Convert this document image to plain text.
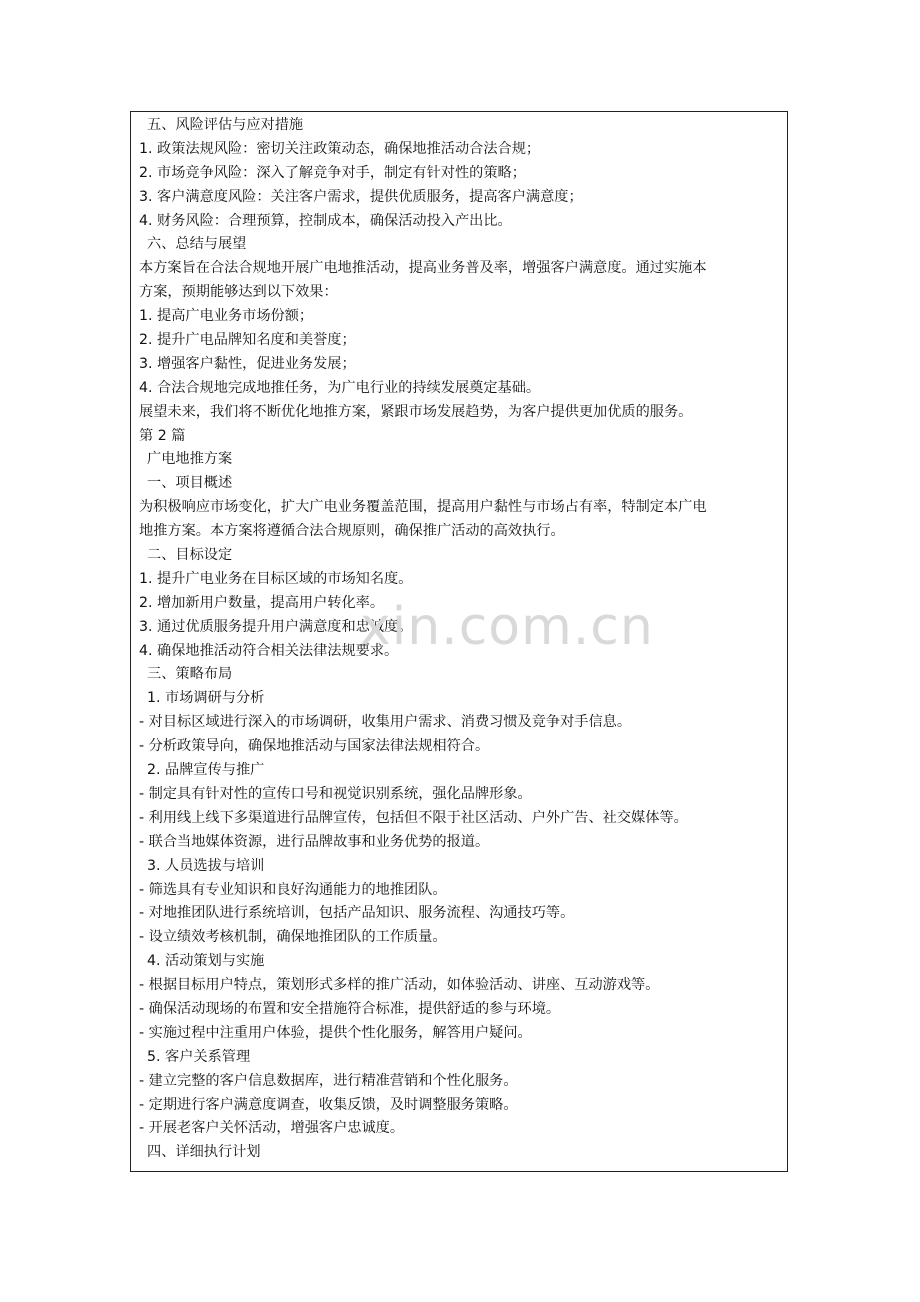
五、风险评估与应对措施
1. 政策法规风险：密切关注政策动态，确保地推活动合法合规；
2. 市场竞争风险：深入了解竞争对手，制定有针对性的策略；
3. 客户满意度风险：关注客户需求，提供优质服务，提高客户满意度；
4. 财务风险：合理预算，控制成本，确保活动投入产出比。
六、总结与展望
本方案旨在合法合规地开展广电地推活动，提高业务普及率，增强客户满意度。通过实施本
方案，预期能够达到以下效果：
1. 提高广电业务市场份额；
2. 提升广电品牌知名度和美誉度；
3. 增强客户黏性，促进业务发展；
4. 合法合规地完成地推任务，为广电行业的持续发展奠定基础。
展望未来，我们将不断优化地推方案，紧跟市场发展趋势，为客户提供更加优质的服务。
第 2 篇
广电地推方案
一、项目概述
为积极响应市场变化，扩大广电业务覆盖范围，提高用户黏性与市场占有率，特制定本广电
地推方案。本方案将遵循合法合规原则，确保推广活动的高效执行。
二、目标设定
1. 提升广电业务在目标区域的市场知名度。
2. 增加新用户数量，提高用户转化率。
3. 通过优质服务提升用户满意度和忠诚度。
4. 确保地推活动符合相关法律法规要求。
三、策略布局
1. 市场调研与分析
- 对目标区域进行深入的市场调研，收集用户需求、消费习惯及竞争对手信息。
- 分析政策导向，确保地推活动与国家法律法规相符合。
2. 品牌宣传与推广
- 制定具有针对性的宣传口号和视觉识别系统，强化品牌形象。
- 利用线上线下多渠道进行品牌宣传，包括但不限于社区活动、户外广告、社交媒体等。
- 联合当地媒体资源，进行品牌故事和业务优势的报道。
3. 人员选拔与培训
- 筛选具有专业知识和良好沟通能力的地推团队。
- 对地推团队进行系统培训，包括产品知识、服务流程、沟通技巧等。
- 设立绩效考核机制，确保地推团队的工作质量。
4. 活动策划与实施
- 根据目标用户特点，策划形式多样的推广活动，如体验活动、讲座、互动游戏等。
- 确保活动现场的布置和安全措施符合标准，提供舒适的参与环境。
- 实施过程中注重用户体验，提供个性化服务，解答用户疑问。
5. 客户关系管理
- 建立完整的客户信息数据库，进行精准营销和个性化服务。
- 定期进行客户满意度调查，收集反馈，及时调整服务策略。
- 开展老客户关怀活动，增强客户忠诚度。
四、详细执行计划
xin.com.cn
